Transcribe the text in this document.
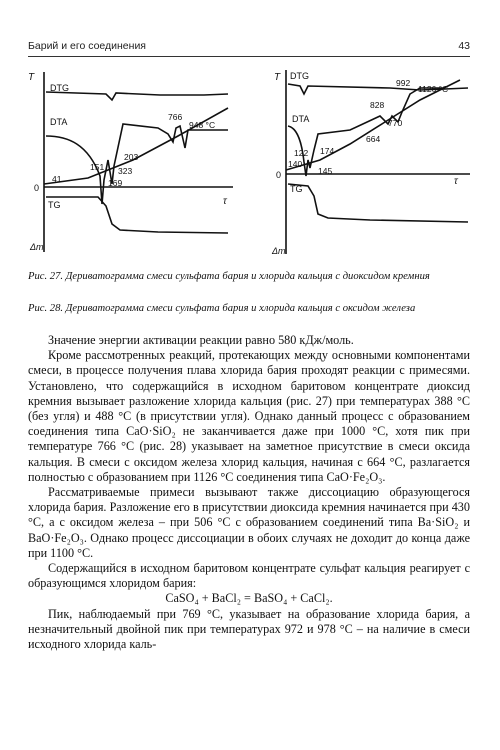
Барий и его соединения	43
T
DTG
DTA
0
TG
Δm
τ
41
151
203
323
169
766
948 °C
T DTG
DTA
0
TG
Δm
τ
992
1126 °C
828
770
664
174
122
140
145
Рис. 27. Дериватограмма смеси сульфата бария и хлорида кальция с диоксидом кремния
Рис. 28. Дериватограмма смеси сульфата бария и хлорида кальция с оксидом железа

Значение энергии активации реакции равно 580 кДж/моль.

Кроме рассмотренных реакций, протекающих между основными компонентами смеси, в процессе получения плава хлорида бария проходят реакции с примесями. Установлено, что содержащийся в исходном баритовом концентрате диоксид кремния вызывает разложение хлорида кальция (рис. 27) при температурах 388 °С (без угля) и 488 °С (в присутствии угля). Однако данный процесс с образованием соединения типа CaO·SiO₂ не заканчивается даже при 1000 °С, хотя пик при температуре 766 °С (рис. 28) указывает на заметное присутствие в смеси оксида кальция. В смеси с оксидом железа хлорид кальция, начиная с 664 °С, разлагается полностью с образованием при 1126 °С соединения типа CaO·Fe₂O₃.

Рассматриваемые примеси вызывают также диссоциацию образующегося хлорида бария. Разложение его в присутствии диоксида кремния начинается при 430 °С, а с оксидом железа – при 506 °С с образованием соединений типа Ba·SiO₂ и BaO·Fe₂O₃. Однако процесс диссоциации в обоих случаях не доходит до конца даже при 1100 °С.

Содержащийся в исходном баритовом концентрате сульфат кальция реагирует с образующимся хлоридом бария:

CaSO₄ + BaCl₂ = BaSO₄ + CaCl₂.

Пик, наблюдаемый при 769 °С, указывает на образование хлорида бария, а незначительный двойной пик при температурах 972 и 978 °С – на наличие в смеси исходного хлорида каль-
